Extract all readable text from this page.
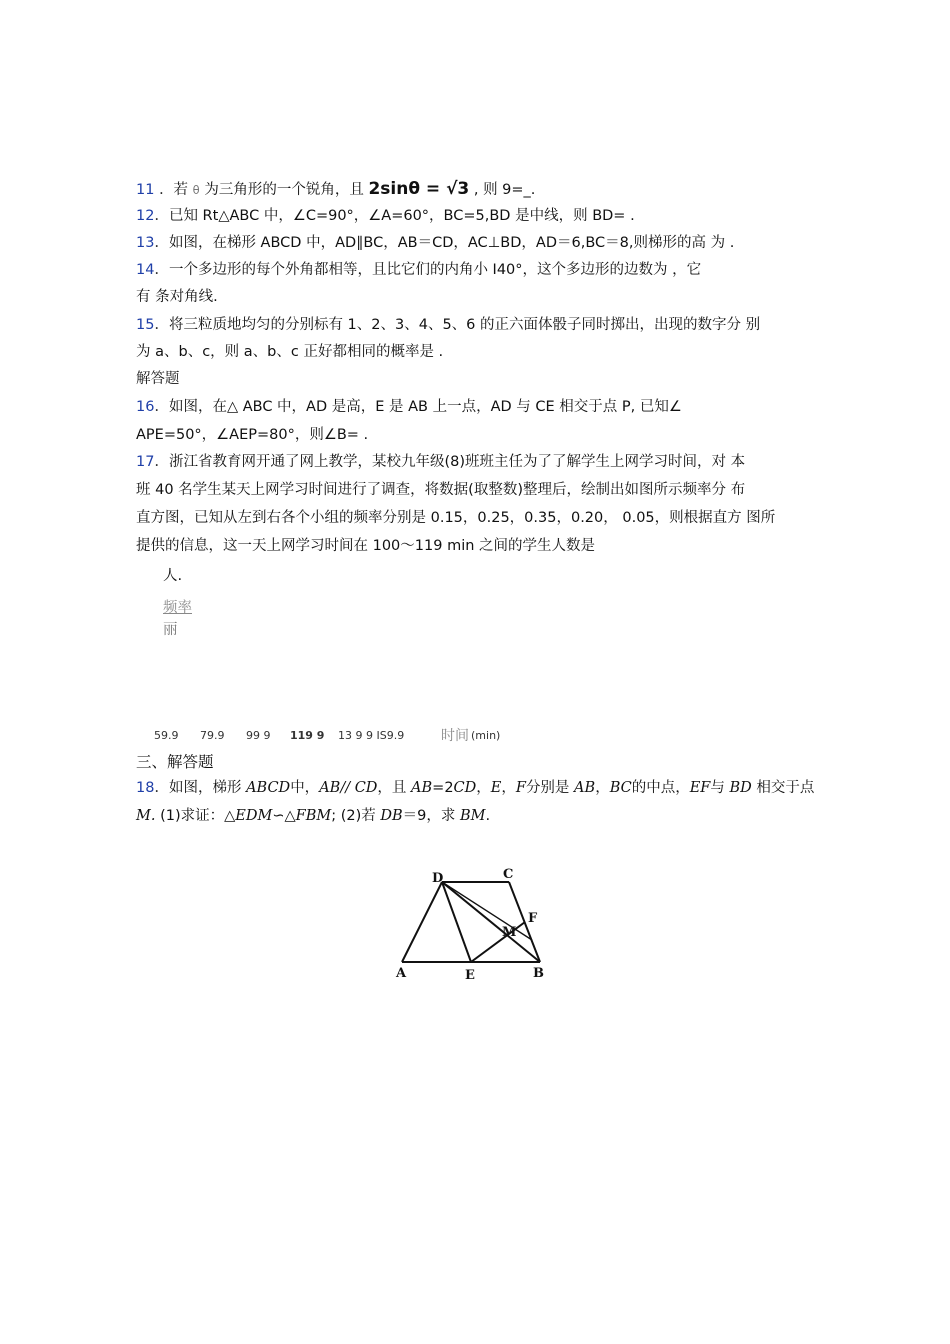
11 ．若 θ 为三角形的一个锐角，且 2sinθ = √3 , 则 9=_.
12．已知 Rt△ABC 中，∠C=90°，∠A=60°，BC=5,BD 是中线，则 BD= .
13．如图，在梯形 ABCD 中，AD∥BC，AB＝CD，AC⊥BD，AD＝6,BC＝8,则梯形的高 为 .
14．一个多边形的每个外角都相等，且比它们的内角小 I40°，这个多边形的边数为 ，它
有 条对角线.
15．将三粒质地均匀的分别标有 1、2、3、4、5、6 的正六面体骰子同时掷出，出现的数字分 别
为 a、b、c，则 a、b、c 正好都相同的概率是 .
解答题
16．如图，在△ ABC 中，AD 是高，E 是 AB 上一点，AD 与 CE 相交于点 P, 已知∠
APE=50°，∠AEP=80°，则∠B= .
17．浙江省教育网开通了网上教学，某校九年级(8)班班主任为了了解学生上网学习时间，对 本
班 40 名学生某天上网学习时间进行了调查，将数据(取整数)整理后，绘制出如图所示频率分 布
直方图，已知从左到右各个小组的频率分别是 0.15，0.25，0.35，0.20， 0.05，则根据直方 图所
提供的信息，这一天上网学习时间在 100～119 min 之间的学生人数是
人.
频率
丽
59.9 79.9 99 9 119 9 13 9 9 IS9.9	时间 (min)
三、解答题
18．如图，梯形 ABCD中，AB// CD，且 AB=2CD，E，F分别是 AB，BC的中点，EF与 BD 相交于点
M. (1)求证：△EDM∽△FBM; (2)若 DB＝9，求 BM.
D	C
M
F
A	E	B
